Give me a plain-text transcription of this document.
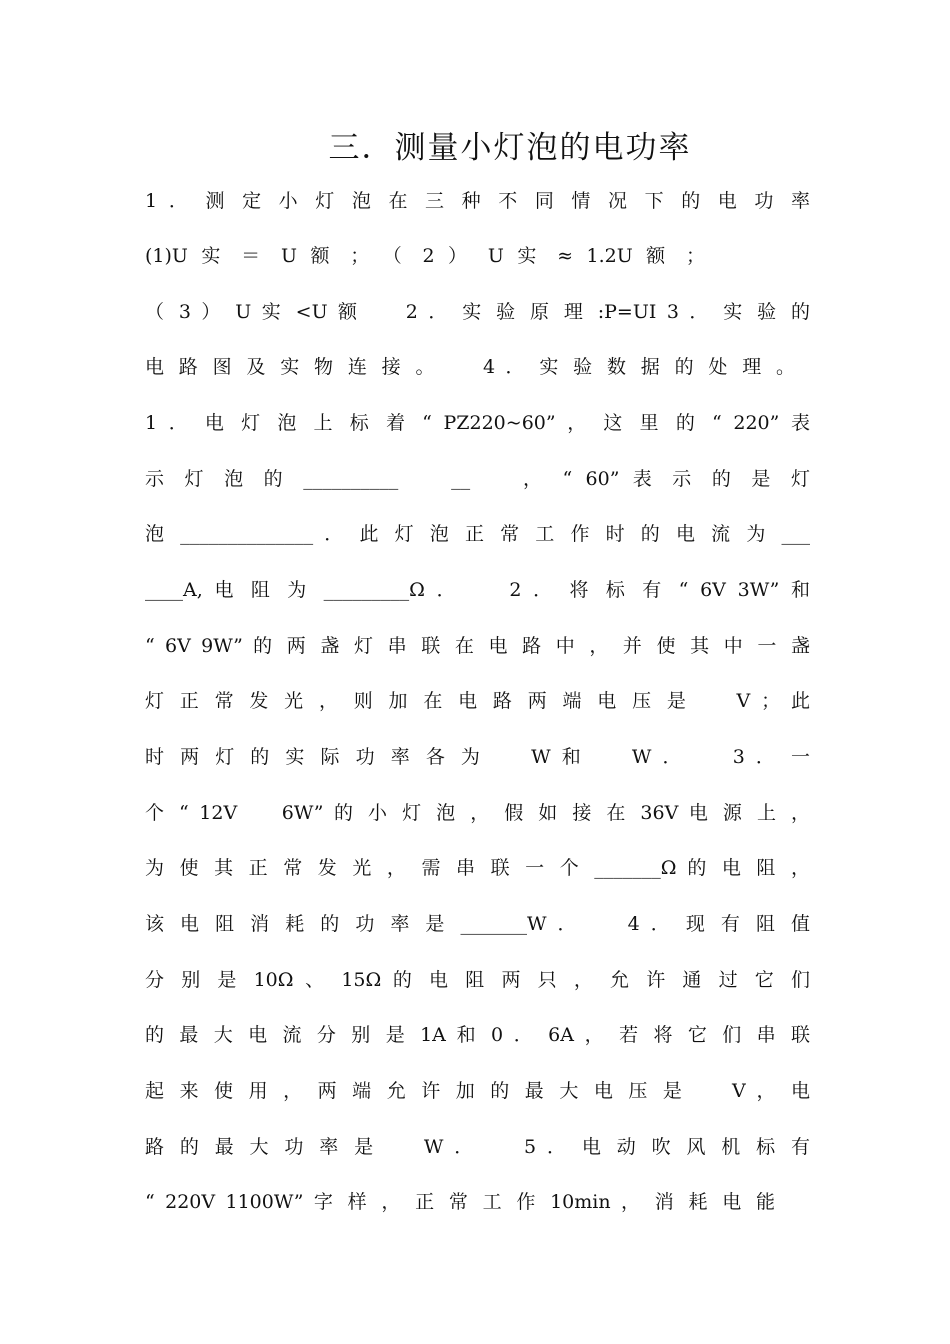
三．测量小灯泡的电功率
1 ． 测 定 小 灯 泡 在 三 种 不 同 情 况 下 的 电 功 率
(1)U 实 ＝ U 额 ； （ 2 ） U 实 ≈ 1.2U 额 ；
（ 3 ） U 实 <U 额 　 2 ． 实 验 原 理 :P=UI 3 ． 实 验 的
电 路 图 及 实 物 连 接 。 　 4 ． 实 验 数 据 的 处 理 。
1 ． 电 灯 泡 上 标 着 “ PZ220~60” ， 这 里 的 “ 220” 表
示 灯 泡 的 __________ 　 __ 　 ， “ 60” 表 示 的 是 灯
泡 ______________ ． 此 灯 泡 正 常 工 作 时 的 电 流 为 ___
____A, 电 阻 为 _________Ω ． 　 2 ． 将 标 有 “ 6V 3W” 和
“ 6V 9W” 的 两 盏 灯 串 联 在 电 路 中 ， 并 使 其 中 一 盏
灯 正 常 发 光 ， 则 加 在 电 路 两 端 电 压 是 　 V ； 此
时 两 灯 的 实 际 功 率 各 为 　 W 和 　 W ． 　 3 ． 一
个 “ 12V 　 6W” 的 小 灯 泡 ， 假 如 接 在 36V 电 源 上 ，
为 使 其 正 常 发 光 ， 需 串 联 一 个 _______Ω 的 电 阻 ，
该 电 阻 消 耗 的 功 率 是 _______W ． 　 4 ． 现 有 阻 值
分 别 是 10Ω 、 15Ω 的 电 阻 两 只 ， 允 许 通 过 它 们
的 最 大 电 流 分 别 是 1A 和 0 ． 6A ， 若 将 它 们 串 联
起 来 使 用 ， 两 端 允 许 加 的 最 大 电 压 是 　 V ， 电
路 的 最 大 功 率 是 　 W ． 　 5 ． 电 动 吹 风 机 标 有
“ 220V 1100W” 字 样 ， 正 常 工 作 10min ， 消 耗 电 能
